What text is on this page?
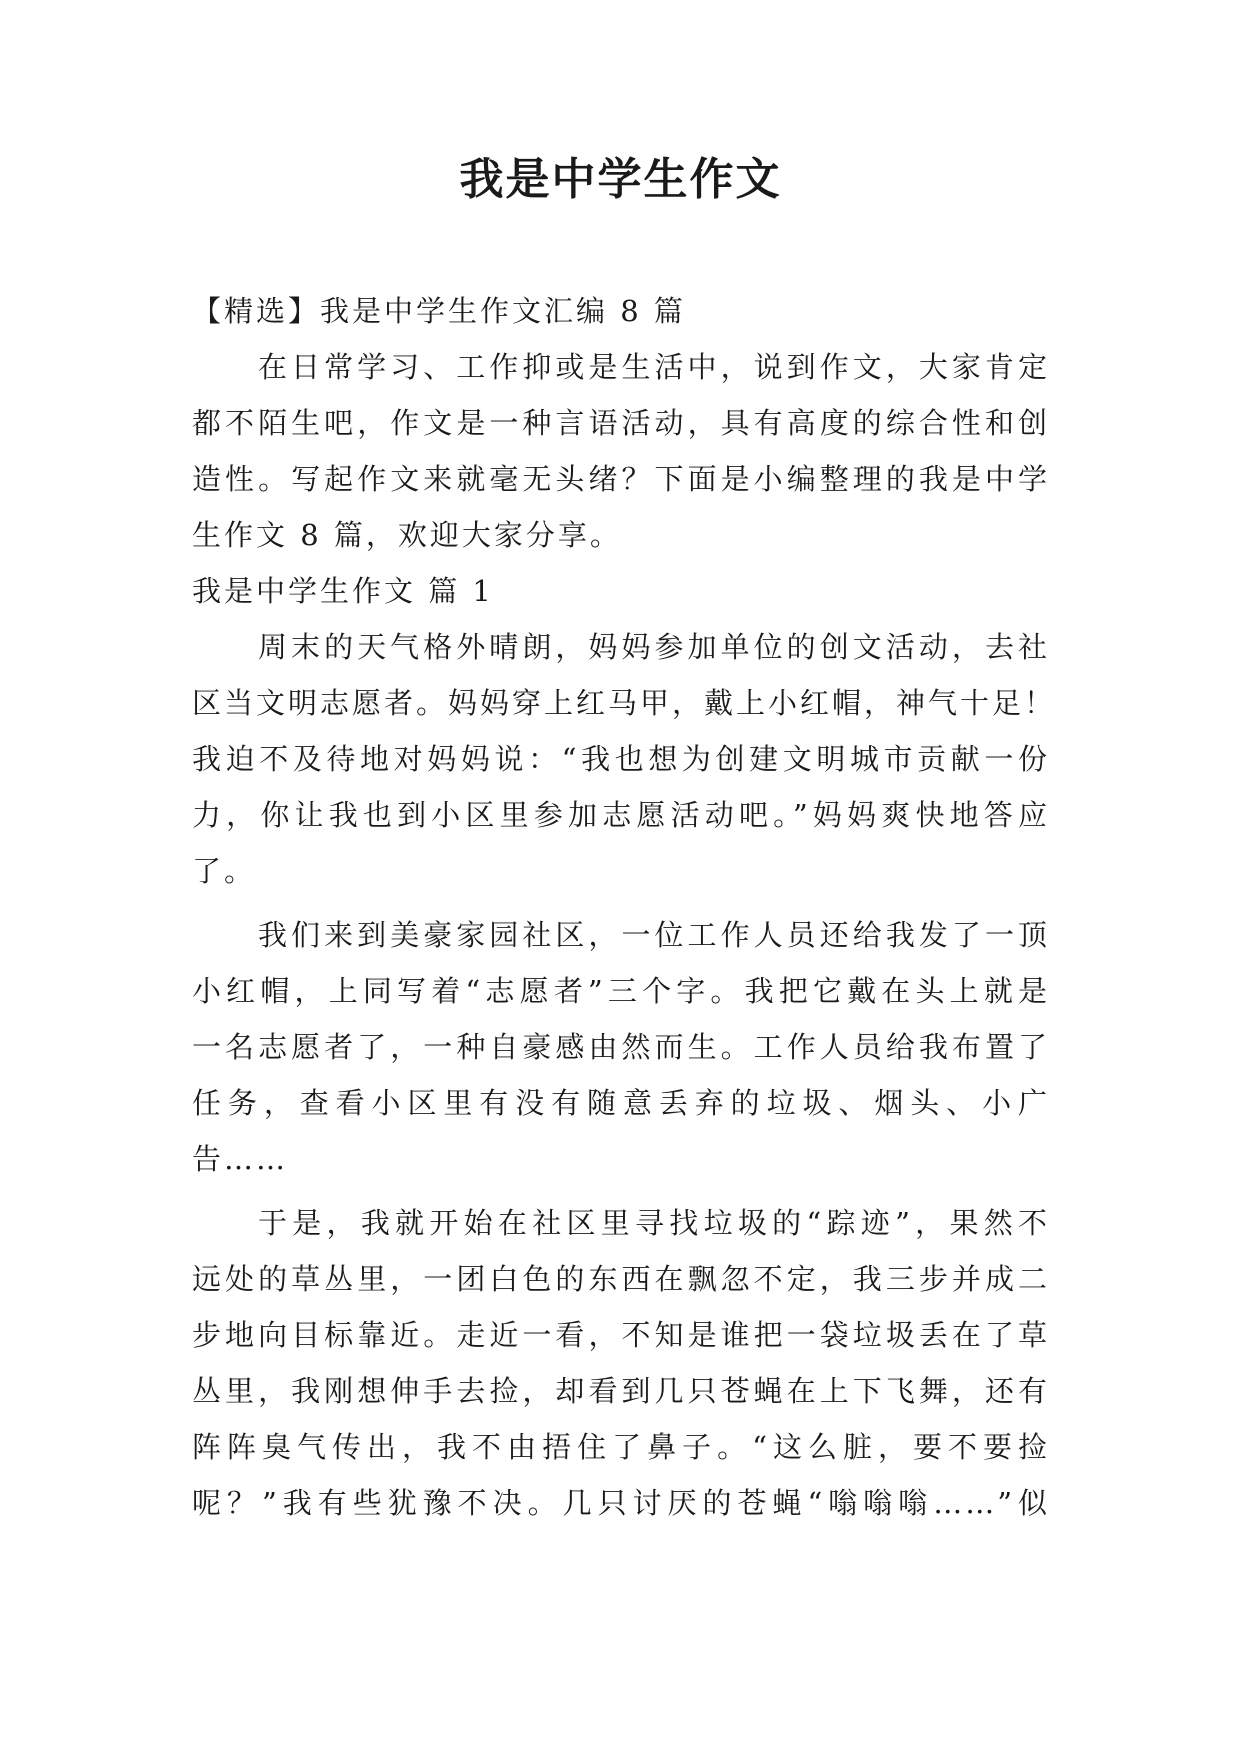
我是中学生作文
【精选】我是中学生作文汇编 8 篇
在日常学习、工作抑或是生活中，说到作文，大家肯定
都不陌生吧，作文是一种言语活动，具有高度的综合性和创
造性。写起作文来就毫无头绪？下面是小编整理的我是中学
生作文 8 篇，欢迎大家分享。
我是中学生作文 篇 1
周末的天气格外晴朗，妈妈参加单位的创文活动，去社
区当文明志愿者。妈妈穿上红马甲，戴上小红帽，神气十足！
我迫不及待地对妈妈说：“我也想为创建文明城市贡献一份
力，你让我也到小区里参加志愿活动吧。”妈妈爽快地答应
了。
我们来到美豪家园社区，一位工作人员还给我发了一顶
小红帽，上同写着“志愿者”三个字。我把它戴在头上就是
一名志愿者了，一种自豪感由然而生。工作人员给我布置了
任务，查看小区里有没有随意丢弃的垃圾、烟头、小广
告……
于是，我就开始在社区里寻找垃圾的“踪迹”，果然不
远处的草丛里，一团白色的东西在飘忽不定，我三步并成二
步地向目标靠近。走近一看，不知是谁把一袋垃圾丢在了草
丛里，我刚想伸手去捡，却看到几只苍蝇在上下飞舞，还有
阵阵臭气传出，我不由捂住了鼻子。“这么脏，要不要捡
呢？”我有些犹豫不决。几只讨厌的苍蝇“嗡嗡嗡……”似
